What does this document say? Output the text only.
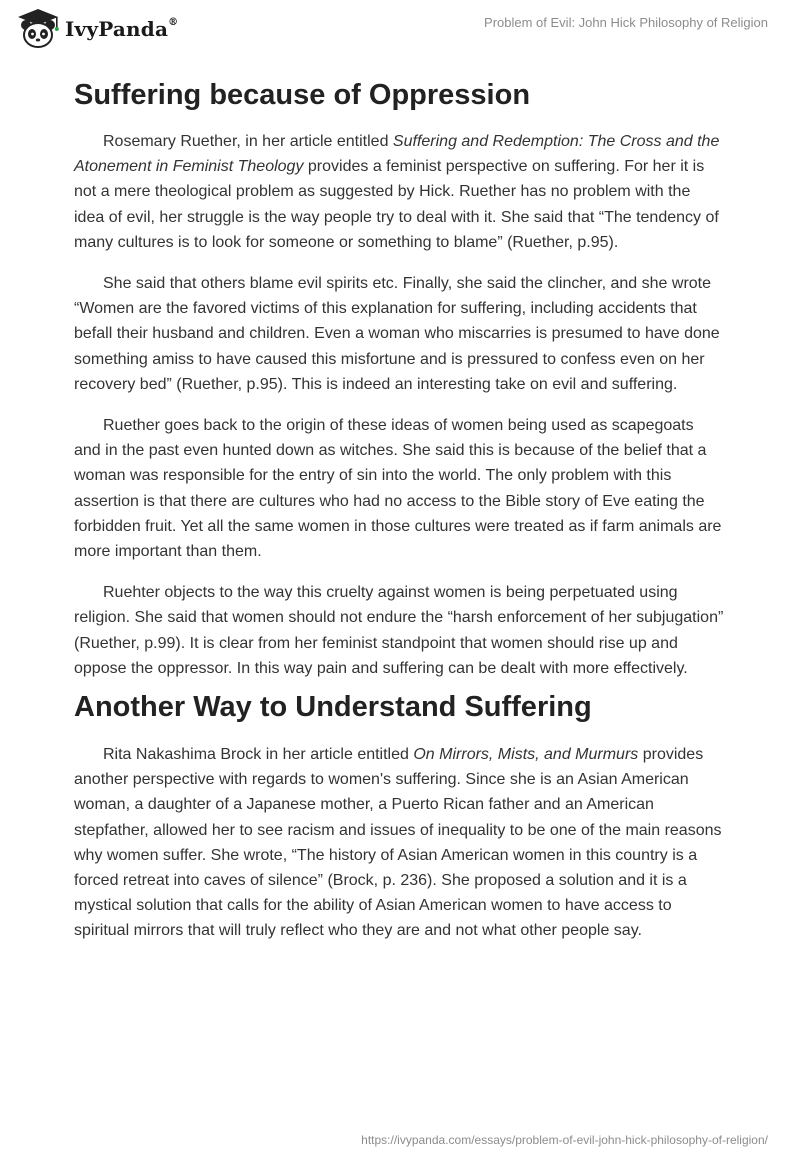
IvyPanda®	Problem of Evil: John Hick Philosophy of Religion
Suffering because of Oppression

Rosemary Ruether, in her article entitled Suffering and Redemption: The Cross and the Atonement in Feminist Theology provides a feminist perspective on suffering. For her it is not a mere theological problem as suggested by Hick. Ruether has no problem with the idea of evil, her struggle is the way people try to deal with it. She said that “The tendency of many cultures is to look for someone or something to blame” (Ruether, p.95).

She said that others blame evil spirits etc. Finally, she said the clincher, and she wrote “Women are the favored victims of this explanation for suffering, including accidents that befall their husband and children. Even a woman who miscarries is presumed to have done something amiss to have caused this misfortune and is pressured to confess even on her recovery bed” (Ruether, p.95). This is indeed an interesting take on evil and suffering.

Ruether goes back to the origin of these ideas of women being used as scapegoats and in the past even hunted down as witches. She said this is because of the belief that a woman was responsible for the entry of sin into the world. The only problem with this assertion is that there are cultures who had no access to the Bible story of Eve eating the forbidden fruit. Yet all the same women in those cultures were treated as if farm animals are more important than them.

Ruehter objects to the way this cruelty against women is being perpetuated using religion. She said that women should not endure the “harsh enforcement of her subjugation” (Ruether, p.99). It is clear from her feminist standpoint that women should rise up and oppose the oppressor. In this way pain and suffering can be dealt with more effectively.

Another Way to Understand Suffering

Rita Nakashima Brock in her article entitled On Mirrors, Mists, and Murmurs provides another perspective with regards to women's suffering. Since she is an Asian American woman, a daughter of a Japanese mother, a Puerto Rican father and an American stepfather, allowed her to see racism and issues of inequality to be one of the main reasons why women suffer. She wrote, “The history of Asian American women in this country is a forced retreat into caves of silence” (Brock, p. 236). She proposed a solution and it is a mystical solution that calls for the ability of Asian American women to have access to spiritual mirrors that will truly reflect who they are and not what other people say.

https://ivypanda.com/essays/problem-of-evil-john-hick-philosophy-of-religion/
